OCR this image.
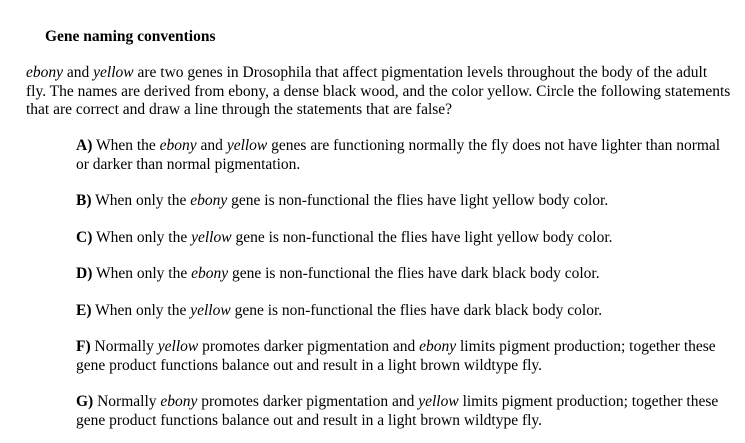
Gene naming conventions

ebony and yellow are two genes in Drosophila that affect pigmentation levels throughout the body of the adult fly. The names are derived from ebony, a dense black wood, and the color yellow. Circle the following statements that are correct and draw a line through the statements that are false?

A) When the ebony and yellow genes are functioning normally the fly does not have lighter than normal or darker than normal pigmentation.
B) When only the ebony gene is non-functional the flies have light yellow body color.
C) When only the yellow gene is non-functional the flies have light yellow body color.
D) When only the ebony gene is non-functional the flies have dark black body color.
E) When only the yellow gene is non-functional the flies have dark black body color.
F) Normally yellow promotes darker pigmentation and ebony limits pigment production; together these gene product functions balance out and result in a light brown wildtype fly.
G) Normally ebony promotes darker pigmentation and yellow limits pigment production; together these gene product functions balance out and result in a light brown wildtype fly.
